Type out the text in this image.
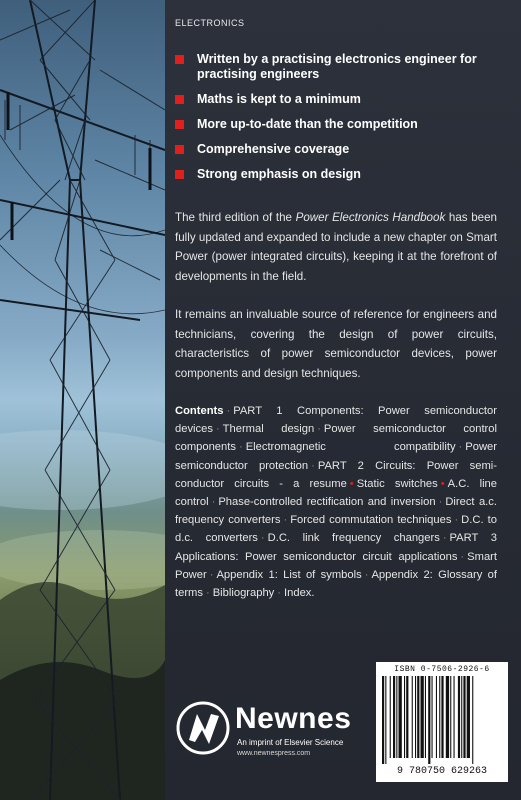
ELECTRONICS
Written by a practising electronics engineer for practising engineers
Maths is kept to a minimum
More up-to-date than the competition
Comprehensive coverage
Strong emphasis on design

The third edition of the Power Electronics Handbook has been fully updated and expanded to include a new chapter on Smart Power (power integrated circuits), keeping it at the forefront of developments in the field.

It remains an invaluable source of reference for engineers and technicians, covering the design of power circuits, characteristics of power semiconductor devices, power components and design techniques.

Contents · PART 1 Components: Power semiconductor devices · Thermal design · Power semiconductor control components · Electromagnetic compatibility · Power semiconductor protection · PART 2 Circuits: Power semi-conductor circuits - a resume • Static switches • A.C. line control · Phase-controlled rectification and inversion · Direct a.c. frequency converters · Forced commutation techniques · D.C. to d.c. converters · D.C. link frequency changers · PART 3 Applications: Power semiconductor circuit applications · Smart Power · Appendix 1: List of symbols · Appendix 2: Glossary of terms · Bibliography · Index.

ISBN 0-7506-2926-6
9 780750 629263
Newnes
An imprint of Elsevier Science
www.newnespress.com
